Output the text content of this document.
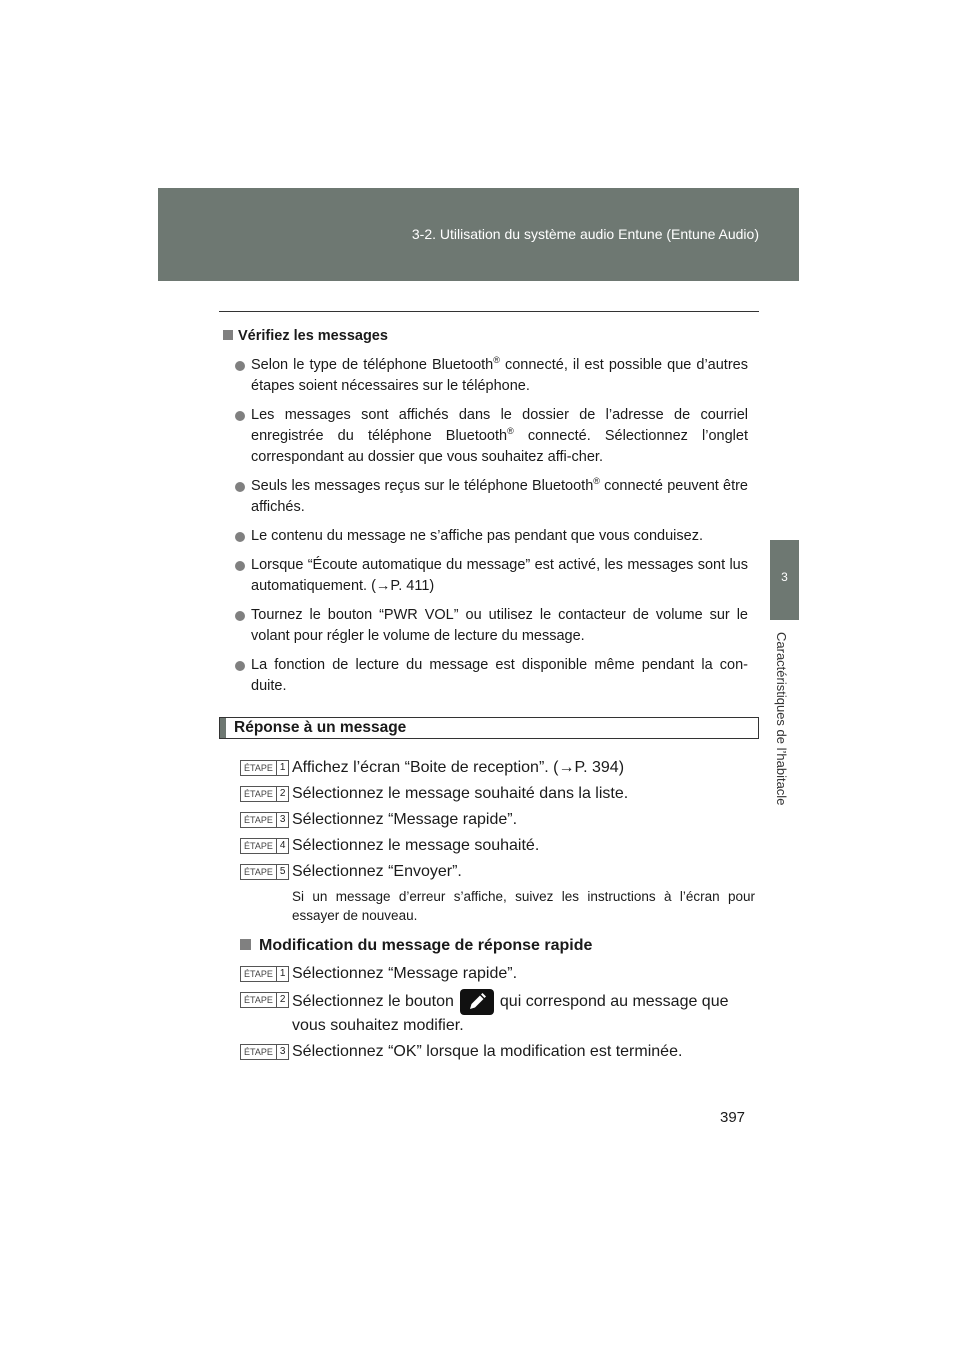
3-2. Utilisation du système audio Entune (Entune Audio)
3
Caractéristiques de l’habitacle
Vérifiez les messages
Selon le type de téléphone Bluetooth® connecté, il est possible que d’autres étapes soient nécessaires sur le téléphone.
Les messages sont affichés dans le dossier de l’adresse de courriel enregistrée du téléphone Bluetooth® connecté. Sélectionnez l’onglet correspondant au dossier que vous souhaitez affi-cher.
Seuls les messages reçus sur le téléphone Bluetooth® connecté peuvent être affichés.
Le contenu du message ne s’affiche pas pendant que vous conduisez.
Lorsque “Écoute automatique du message” est activé, les messages sont lus automatiquement. (→P. 411)
Tournez le bouton “PWR VOL” ou utilisez le contacteur de volume sur le volant pour régler le volume de lecture du message.
La fonction de lecture du message est disponible même pendant la con-duite.
Réponse à un message
ÉTAPE 1 Affichez l’écran “Boite de reception”. (→P. 394)
ÉTAPE 2 Sélectionnez le message souhaité dans la liste.
ÉTAPE 3 Sélectionnez “Message rapide”.
ÉTAPE 4 Sélectionnez le message souhaité.
ÉTAPE 5 Sélectionnez “Envoyer”.
Si un message d’erreur s’affiche, suivez les instructions à l’écran pour essayer de nouveau.
Modification du message de réponse rapide
ÉTAPE 1 Sélectionnez “Message rapide”.
ÉTAPE 2 Sélectionnez le bouton	qui correspond au message que vous souhaitez modifier.
ÉTAPE 3 Sélectionnez “OK” lorsque la modification est terminée.
397
